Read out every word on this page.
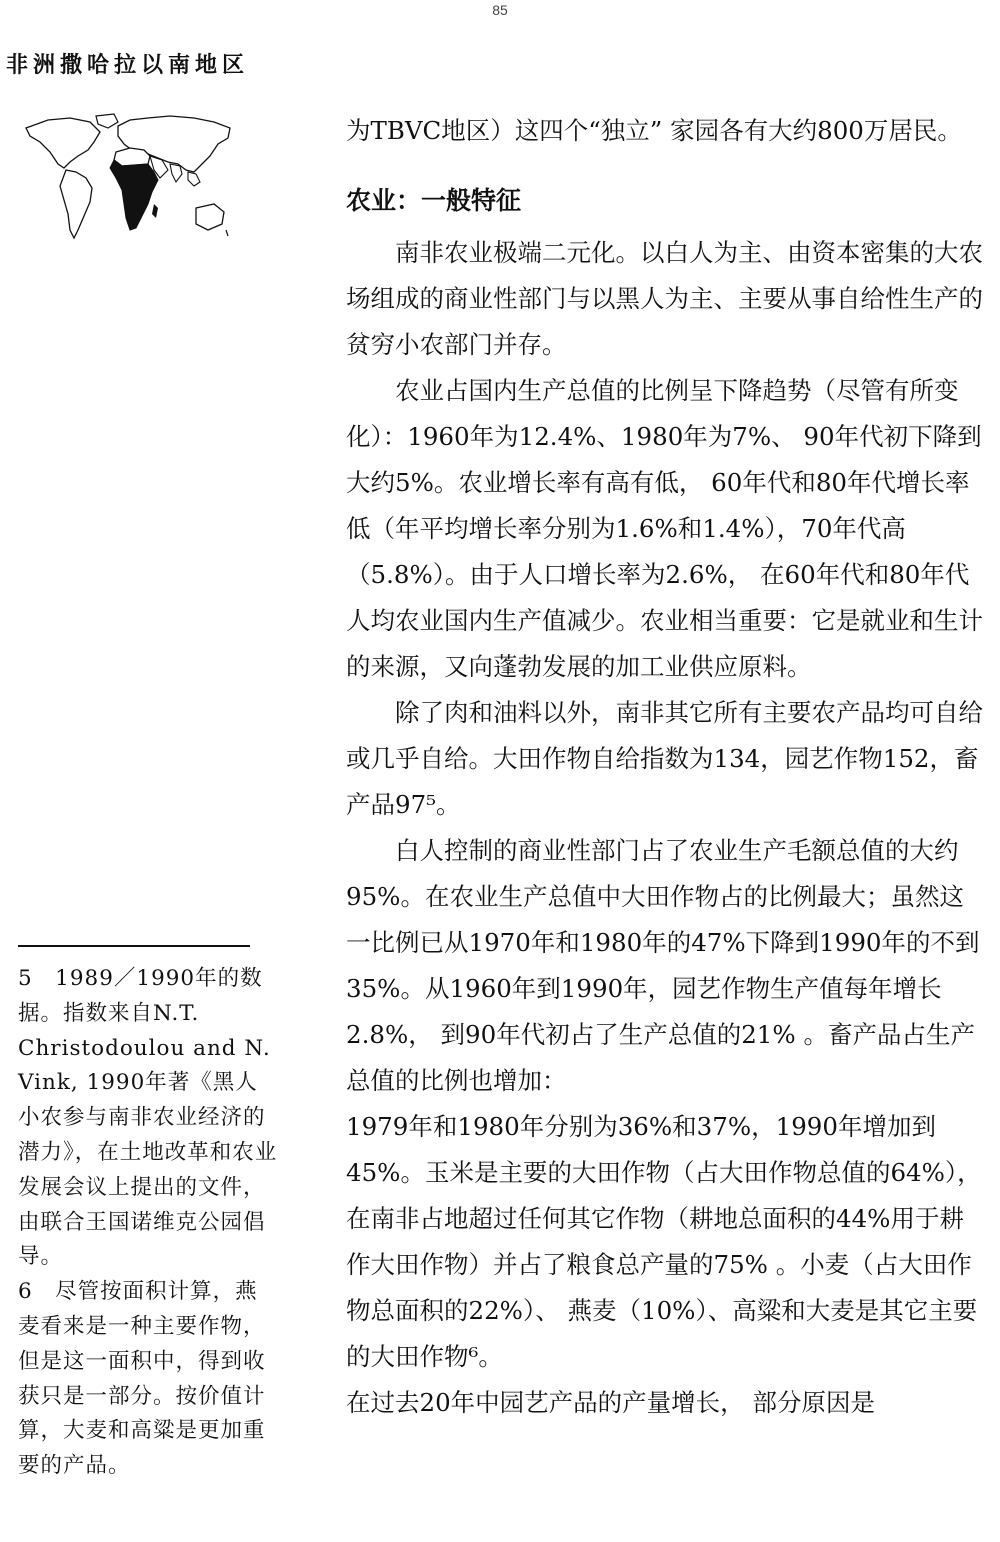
85
非洲撒哈拉以南地区

为TBVC地区）这四个“独立” 家园各有大约800万居民。

农业：一般特征

南非农业极端二元化。以白人为主、由资本密集的大农场组成的商业性部门与以黑人为主、主要从事自给性生产的贫穷小农部门并存。

农业占国内生产总值的比例呈下降趋势（尽管有所变化）：1960年为12.4%、1980年为7%、 90年代初下降到大约5%。农业增长率有高有低， 60年代和80年代增长率低（年平均增长率分别为1.6%和1.4%），70年代高（5.8%）。由于人口增长率为2.6%， 在60年代和80年代人均农业国内生产值减少。农业相当重要：它是就业和生计的来源，又向蓬勃发展的加工业供应原料。

除了肉和油料以外，南非其它所有主要农产品均可自给或几乎自给。大田作物自给指数为134，园艺作物152，畜产品97⁵。

白人控制的商业性部门占了农业生产毛额总值的大约95%。在农业生产总值中大田作物占的比例最大；虽然这一比例已从1970年和1980年的47%下降到1990年的不到35%。从1960年到1990年，园艺作物生产值每年增长2.8%， 到90年代初占了生产总值的21% 。畜产品占生产总值的比例也增加：

1979年和1980年分别为36%和37%，1990年增加到45%。玉米是主要的大田作物（占大田作物总值的64%），在南非占地超过任何其它作物（耕地总面积的44%用于耕作大田作物）并占了粮食总产量的75% 。小麦（占大田作物总面积的22%）、 燕麦（10%）、高粱和大麦是其它主要的大田作物⁶。

在过去20年中园艺产品的产量增长， 部分原因是

5　1989／1990年的数据。指数来自N.T. Christodoulou and N. Vink, 1990年著《黑人小农参与南非农业经济的潜力》，在土地改革和农业发展会议上提出的文件，由联合王国诺维克公园倡导。

6　尽管按面积计算，燕麦看来是一种主要作物，但是这一面积中，得到收获只是一部分。按价值计算，大麦和高粱是更加重要的产品。
